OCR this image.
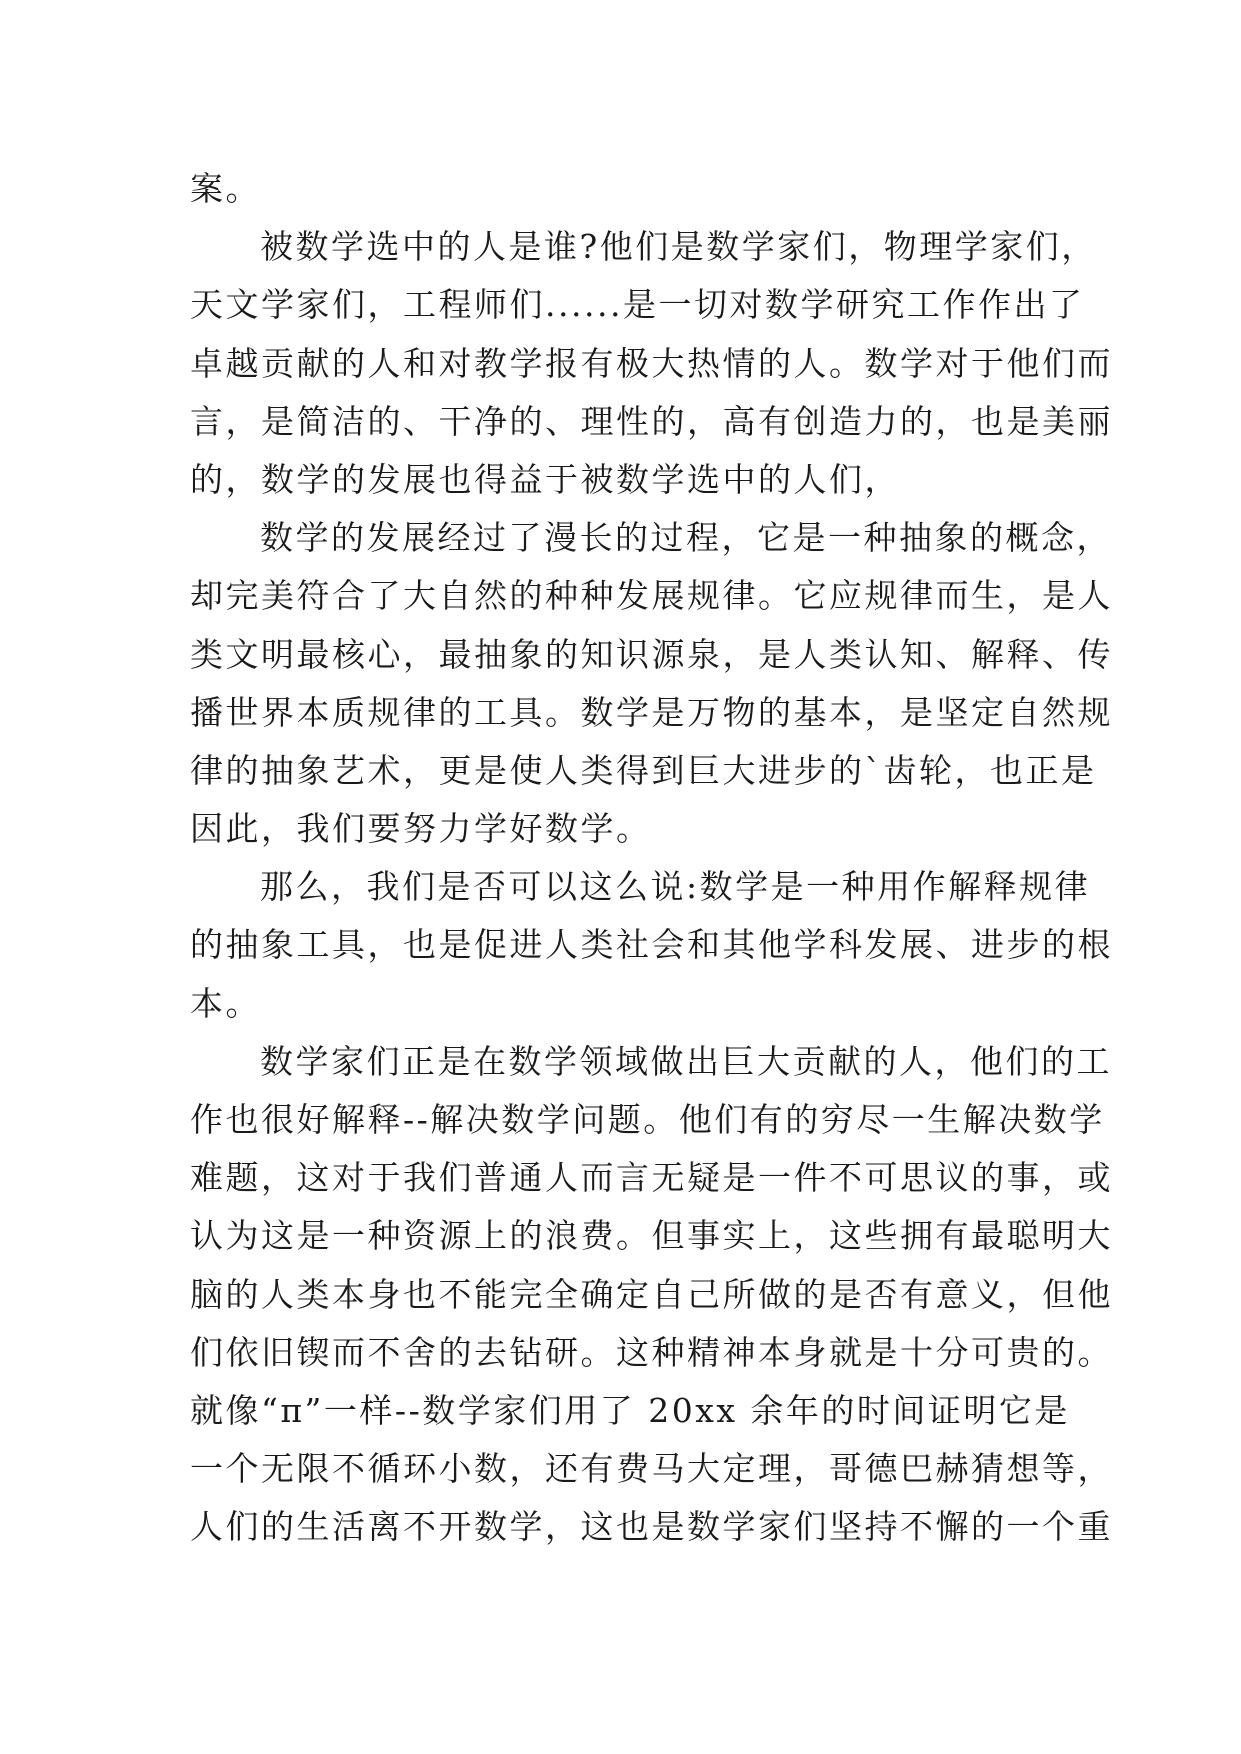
案。
被数学选中的人是谁?他们是数学家们，物理学家们，
天文学家们，工程师们......是一切对数学研究工作作出了
卓越贡献的人和对教学报有极大热情的人。数学对于他们而
言，是简洁的、干净的、理性的，高有创造力的，也是美丽
的，数学的发展也得益于被数学选中的人们，
数学的发展经过了漫长的过程，它是一种抽象的概念，
却完美符合了大自然的种种发展规律。它应规律而生，是人
类文明最核心，最抽象的知识源泉，是人类认知、解释、传
播世界本质规律的工具。数学是万物的基本，是坚定自然规
律的抽象艺术，更是使人类得到巨大进步的`齿轮，也正是
因此，我们要努力学好数学。
那么，我们是否可以这么说:数学是一种用作解释规律
的抽象工具，也是促进人类社会和其他学科发展、进步的根
本。
数学家们正是在数学领域做出巨大贡献的人，他们的工
作也很好解释--解决数学问题。他们有的穷尽一生解决数学
难题，这对于我们普通人而言无疑是一件不可思议的事，或
认为这是一种资源上的浪费。但事实上，这些拥有最聪明大
脑的人类本身也不能完全确定自己所做的是否有意义，但他
们依旧锲而不舍的去钻研。这种精神本身就是十分可贵的。
就像“π”一样--数学家们用了 20xx 余年的时间证明它是
一个无限不循环小数，还有费马大定理，哥德巴赫猜想等，
人们的生活离不开数学，这也是数学家们坚持不懈的一个重
